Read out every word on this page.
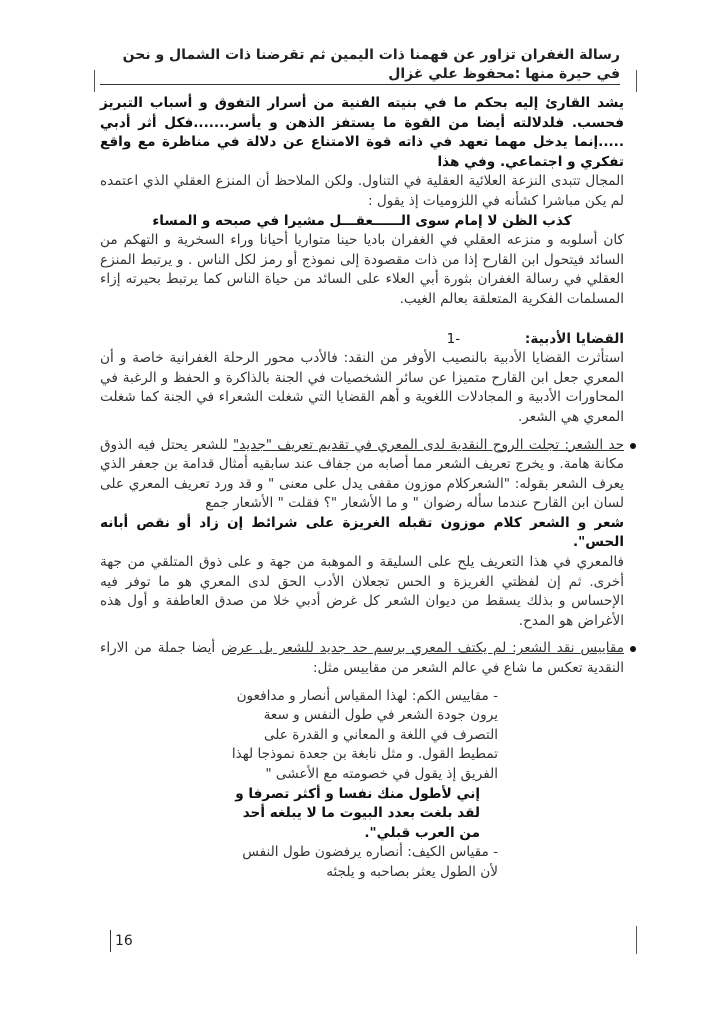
رسالة الغفران تزاور عن فهمنا ذات اليمين ثم تقرضنا ذات الشمال و نحن في حيرة منها :محفوظ علي غزال

يشد القارئ إليه بحكم ما في بنيته الفنية من أسرار التفوق و أسباب التبريز فحسب. فلدلالته أيضا من القوة ما يستفز الذهن و يأسر.......فكل أثر أدبي .....إنما يدخل مهما تعهد في ذاته قوة الامتناع عن دلالة في مناظرة مع واقع تفكري و اجتماعي. وفي هذا

المجال تتبدى النزعة العلائية العقلية في التناول. ولكن الملاحظ أن المنزع العقلي الذي اعتمده لم يكن مباشرا كشأنه في اللزوميات إذ يقول :

كذب الظن لا إمام سوى الــــــعقـــل مشيرا في صبحه و المساء

كان أسلوبه و منزعه العقلي في الغفران باديا حينا متواريا أحيانا وراء السخرية و التهكم من السائد فيتحول ابن القارح إذا من ذات مقصودة إلى نموذج أو رمز لكل الناس . و يرتبط المنزع العقلي في رسالة الغفران بثورة أبي العلاء على السائد من حياة الناس كما يرتبط بحيرته إزاء المسلمات الفكرية المتعلقة بعالم الغيب.

القضايا الأدبية: -1

استأثرت القضايا الأدبية بالنصيب الأوفر من النقد: فالأدب محور الرحلة الغفرانية خاصة و أن المعري جعل ابن القارح متميزا عن سائر الشخصيات في الجنة بالذاكرة و الحفظ و الرغبة في المحاورات الأدبية و المجادلات اللغوية و أهم القضايا التي شغلت الشعراء في الجنة كما شغلت المعري هي الشعر.

حد الشعر: تجلت الروح النقدية لدى المعري في تقديم تعريف "جديد" للشعر يحتل فيه الذوق مكانة هامة. و يخرج تعريف الشعر مما أصابه من جفاف عند سابقيه أمثال قدامة بن جعفر الذي يعرف الشعر بقوله: "الشعركلام موزون مقفى يدل على معنى " و قد ورد تعريف المعري على لسان ابن القارح عندما سأله رضوان " و ما الأشعار "؟ فقلت " الأشعار جمع

شعر و الشعر كلام موزون تقبله الغريزة على شرائط إن زاد أو نقص أبانه الحس".

فالمعري في هذا التعريف يلح على السليقة و الموهبة من جهة و على ذوق المتلقي من جهة أخرى. ثم إن لفظتي الغريزة و الحس تجعلان الأدب الحق لدى المعري هو ما توفر فيه الإحساس و بذلك يسقط من ديوان الشعر كل غرض أدبي خلا من صدق العاطفة و أول هذه الأغراض هو المدح.

مقاييس نقد الشعر: لم يكتف المعري برسم حد جديد للشعر بل عرض أيضا جملة من الاراء النقدية تعكس ما شاع في عالم الشعر من مقاييس مثل:

- مقاييس الكم: لهذا المقياس أنصار و مدافعون يرون جودة الشعر في طول النفس و سعة التصرف في اللغة و المعاني و القدرة على تمطيط القول. و مثل نابغة بن جعدة نموذجا لهذا الفريق إذ يقول في خصومته مع الأعشى "

إني لأطول منك نفسا و أكثر تصرفا و لقد بلغت بعدد البيوت ما لا يبلغه أحد من العرب قبلي".

- مقياس الكيف: أنصاره يرفضون طول النفس لأن الطول يعثر بصاحبه و يلجئه

16
